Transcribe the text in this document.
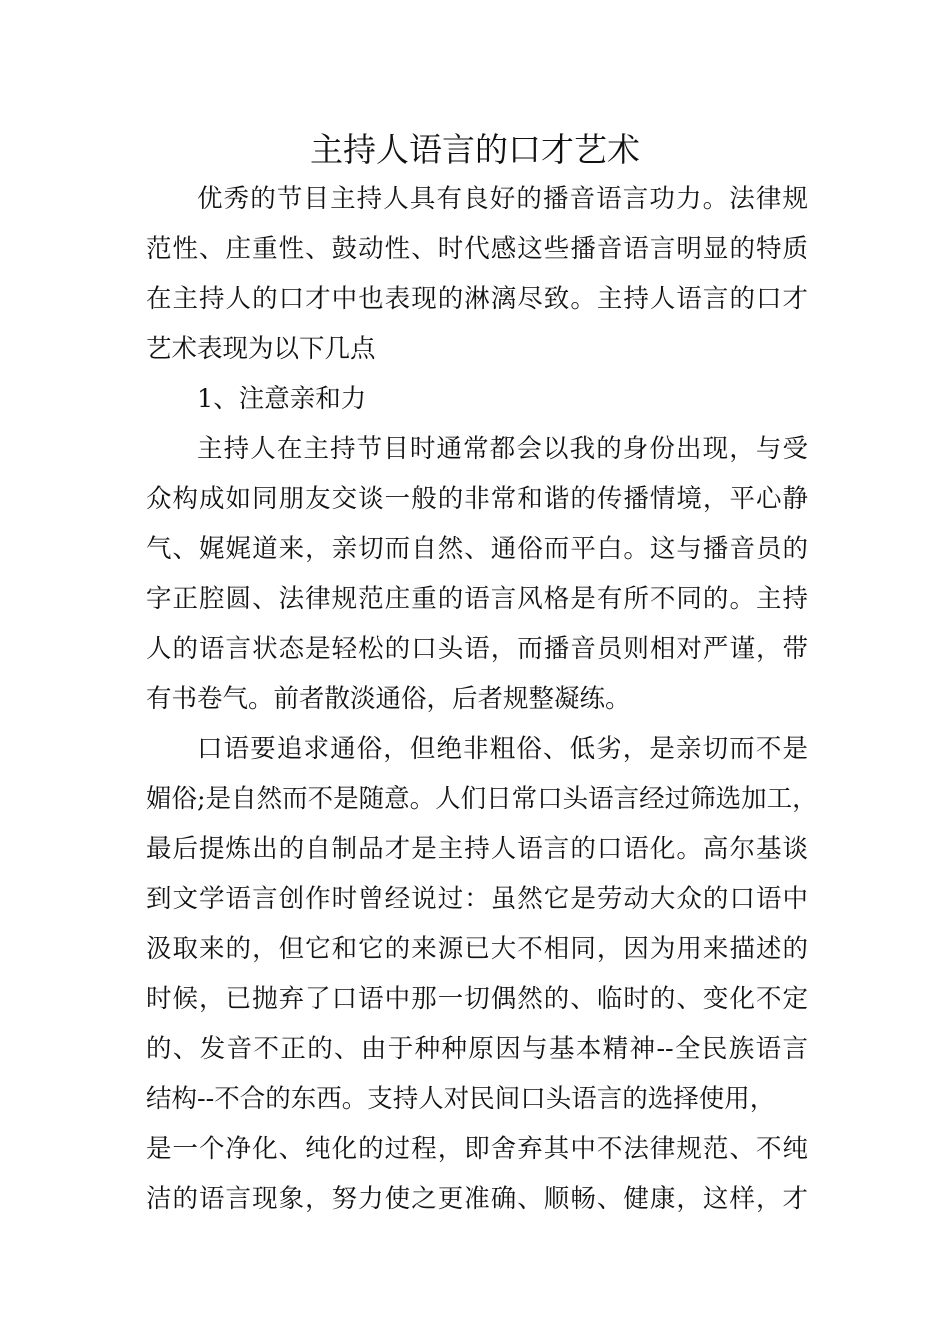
主持人语言的口才艺术
优秀的节目主持人具有良好的播音语言功力。法律规
范性、庄重性、鼓动性、时代感这些播音语言明显的特质
在主持人的口才中也表现的淋漓尽致。主持人语言的口才
艺术表现为以下几点
1、注意亲和力
主持人在主持节目时通常都会以我的身份出现，与受
众构成如同朋友交谈一般的非常和谐的传播情境，平心静
气、娓娓道来，亲切而自然、通俗而平白。这与播音员的
字正腔圆、法律规范庄重的语言风格是有所不同的。主持
人的语言状态是轻松的口头语，而播音员则相对严谨，带
有书卷气。前者散淡通俗，后者规整凝练。
口语要追求通俗，但绝非粗俗、低劣，是亲切而不是
媚俗;是自然而不是随意。人们日常口头语言经过筛选加工，
最后提炼出的自制品才是主持人语言的口语化。高尔基谈
到文学语言创作时曾经说过：虽然它是劳动大众的口语中
汲取来的，但它和它的来源已大不相同，因为用来描述的
时候，已抛弃了口语中那一切偶然的、临时的、变化不定
的、发音不正的、由于种种原因与基本精神--全民族语言
结构--不合的东西。支持人对民间口头语言的选择使用，
是一个净化、纯化的过程，即舍弃其中不法律规范、不纯
洁的语言现象，努力使之更准确、顺畅、健康，这样，才
